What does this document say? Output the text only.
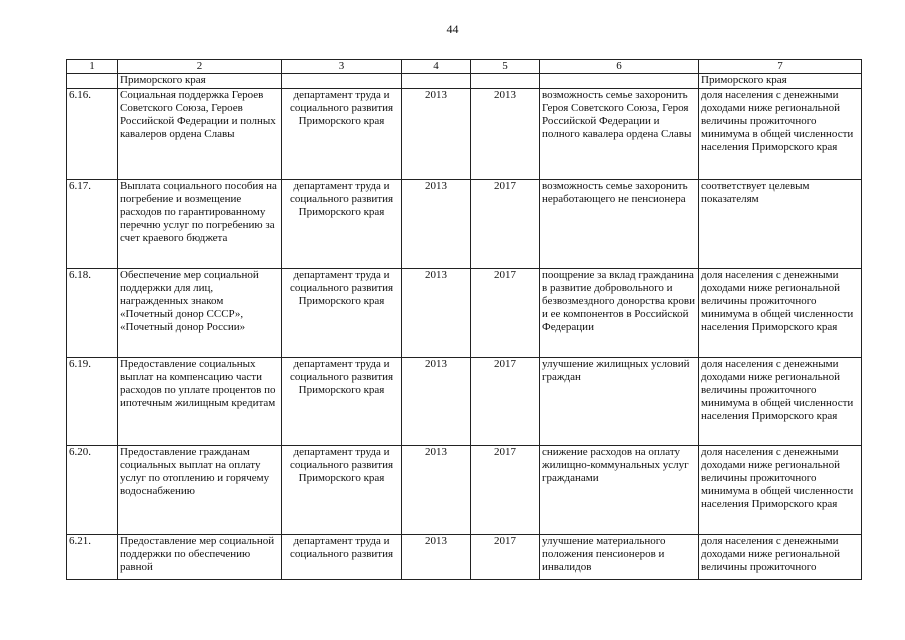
44
1	2	3	4	5	6	7
	Приморского края					Приморского края
6.16.	Социальная поддержка Героев Советского Союза, Героев Российской Федерации и полных кавалеров ордена Славы	департамент труда и социального развития Приморского края	2013	2013	возможность семье захоронить Героя Советского Союза, Героя Российской Федерации и полного кавалера ордена Славы	доля населения с денежными доходами ниже региональной величины прожиточного минимума в общей численности населения Приморского края
6.17.	Выплата социального пособия на погребение и возмещение расходов по гарантированному перечню услуг по погребению за счет краевого бюджета	департамент труда и социального развития Приморского края	2013	2017	возможность семье захоронить неработающего не пенсионера	соответствует целевым показателям
6.18.	Обеспечение мер социальной поддержки для лиц, награжденных знаком «Почетный донор СССР», «Почетный донор России»	департамент труда и социального развития Приморского края	2013	2017	поощрение за вклад гражданина в развитие добровольного и безвозмездного донорства крови и ее компонентов в Российской Федерации	доля населения с денежными доходами ниже региональной величины прожиточного минимума в общей численности населения Приморского края
6.19.	Предоставление социальных выплат на компенсацию части расходов по уплате процентов по ипотечным жилищным кредитам	департамент труда и социального развития Приморского края	2013	2017	улучшение жилищных условий граждан	доля населения с денежными доходами ниже региональной величины прожиточного минимума в общей численности населения Приморского края
6.20.	Предоставление гражданам социальных выплат на оплату услуг по отоплению и горячему водоснабжению	департамент труда и социального развития Приморского края	2013	2017	снижение расходов на оплату жилищно-коммунальных услуг гражданами	доля населения с денежными доходами ниже региональной величины прожиточного минимума в общей численности населения Приморского края
6.21.	Предоставление мер социальной поддержки по обеспечению равной	департамент труда и социального развития	2013	2017	улучшение материального положения пенсионеров и инвалидов	доля населения с денежными доходами ниже региональной величины прожиточного
